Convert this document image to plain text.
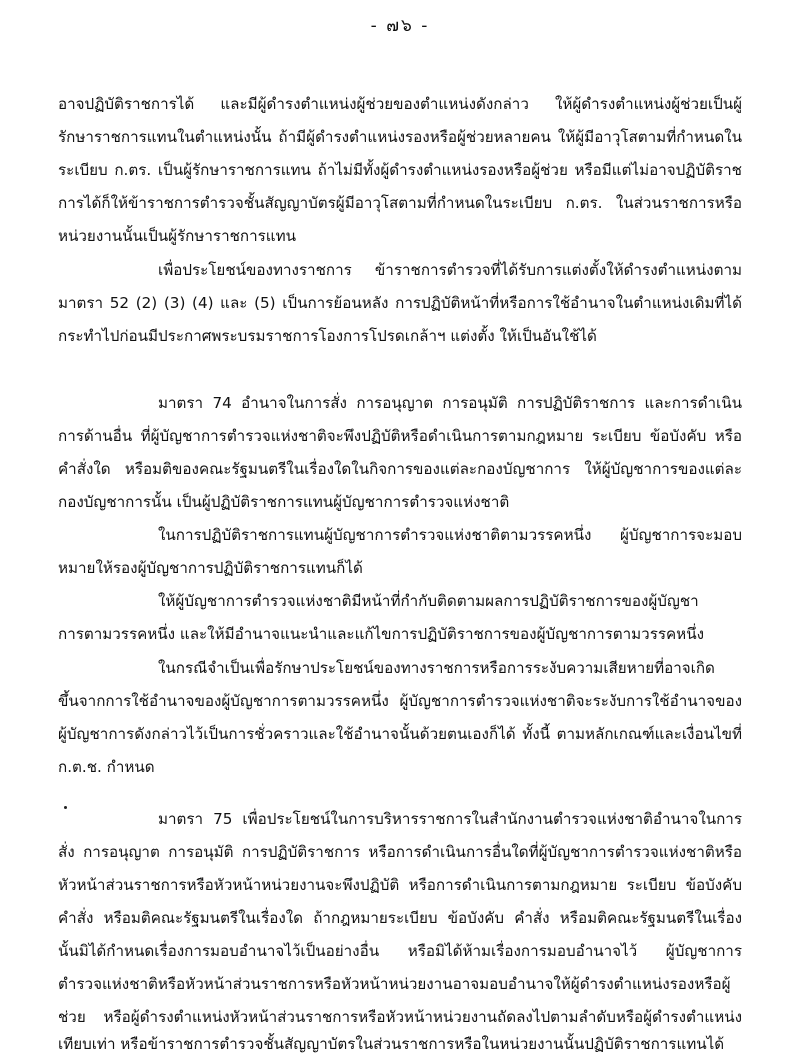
- ๗๖ -
อาจปฏิบัติราชการได้ และมีผู้ดำรงตำแหน่งผู้ช่วยของตำแหน่งดังกล่าว ให้ผู้ดำรงตำแหน่งผู้ช่วยเป็นผู้
รักษาราชการแทนในตำแหน่งนั้น ถ้ามีผู้ดำรงตำแหน่งรองหรือผู้ช่วยหลายคน ให้ผู้มีอาวุโสตามที่กำหนดใน
ระเบียบ ก.ตร. เป็นผู้รักษาราชการแทน ถ้าไม่มีทั้งผู้ดำรงตำแหน่งรองหรือผู้ช่วย หรือมีแต่ไม่อาจปฏิบัติราช
การได้ก็ให้ข้าราชการตำรวจชั้นสัญญาบัตรผู้มีอาวุโสตามที่กำหนดในระเบียบ ก.ตร. ในส่วนราชการหรือ
หน่วยงานนั้นเป็นผู้รักษาราชการแทน
เพื่อประโยชน์ของทางราชการ ข้าราชการตำรวจที่ได้รับการแต่งตั้งให้ดำรงตำแหน่งตาม
มาตรา 52 (2) (3) (4) และ (5) เป็นการย้อนหลัง การปฏิบัติหน้าที่หรือการใช้อำนาจในตำแหน่งเดิมที่ได้
กระทำไปก่อนมีประกาศพระบรมราชการโองการโปรดเกล้าฯ แต่งตั้ง ให้เป็นอันใช้ได้
มาตรา 74 อำนาจในการสั่ง การอนุญาต การอนุมัติ การปฏิบัติราชการ และการดำเนิน
การด้านอื่น ที่ผู้บัญชาการตำรวจแห่งชาติจะพึงปฏิบัติหรือดำเนินการตามกฎหมาย ระเบียบ ข้อบังคับ หรือ
คำสั่งใด หรือมติของคณะรัฐมนตรีในเรื่องใดในกิจการของแต่ละกองบัญชาการ ให้ผู้บัญชาการของแต่ละ
กองบัญชาการนั้น เป็นผู้ปฏิบัติราชการแทนผู้บัญชาการตำรวจแห่งชาติ
ในการปฏิบัติราชการแทนผู้บัญชาการตำรวจแห่งชาติตามวรรคหนึ่ง ผู้บัญชาการจะมอบ
หมายให้รองผู้บัญชาการปฏิบัติราชการแทนก็ได้
ให้ผู้บัญชาการตำรวจแห่งชาติมีหน้าที่กำกับติดตามผลการปฏิบัติราชการของผู้บัญชา
การตามวรรคหนึ่ง และให้มีอำนาจแนะนำและแก้ไขการปฏิบัติราชการของผู้บัญชาการตามวรรคหนึ่ง
ในกรณีจำเป็นเพื่อรักษาประโยชน์ของทางราชการหรือการระงับความเสียหายที่อาจเกิด
ขึ้นจากการใช้อำนาจของผู้บัญชาการตามวรรคหนึ่ง ผู้บัญชาการตำรวจแห่งชาติจะระงับการใช้อำนาจของ
ผู้บัญชาการดังกล่าวไว้เป็นการชั่วคราวและใช้อำนาจนั้นด้วยตนเองก็ได้ ทั้งนี้ ตามหลักเกณฑ์และเงื่อนไขที่
ก.ต.ช. กำหนด
มาตรา 75 เพื่อประโยชน์ในการบริหารราชการในสำนักงานตำรวจแห่งชาติอำนาจในการ
สั่ง การอนุญาต การอนุมัติ การปฏิบัติราชการ หรือการดำเนินการอื่นใดที่ผู้บัญชาการตำรวจแห่งชาติหรือ
หัวหน้าส่วนราชการหรือหัวหน้าหน่วยงานจะพึงปฏิบัติ หรือการดำเนินการตามกฎหมาย ระเบียบ ข้อบังคับ
คำสั่ง หรือมติคณะรัฐมนตรีในเรื่องใด ถ้ากฎหมายระเบียบ ข้อบังคับ คำสั่ง หรือมติคณะรัฐมนตรีในเรื่อง
นั้นมิได้กำหนดเรื่องการมอบอำนาจไว้เป็นอย่างอื่น หรือมิได้ห้ามเรื่องการมอบอำนาจไว้ ผู้บัญชาการ
ตำรวจแห่งชาติหรือหัวหน้าส่วนราชการหรือหัวหน้าหน่วยงานอาจมอบอำนาจให้ผู้ดำรงตำแหน่งรองหรือผู้
ช่วย หรือผู้ดำรงตำแหน่งหัวหน้าส่วนราชการหรือหัวหน้าหน่วยงานถัดลงไปตามลำดับหรือผู้ดำรงตำแหน่ง
เทียบเท่า หรือข้าราชการตำรวจชั้นสัญญาบัตรในส่วนราชการหรือในหน่วยงานนั้นปฏิบัติราชการแทนได้
